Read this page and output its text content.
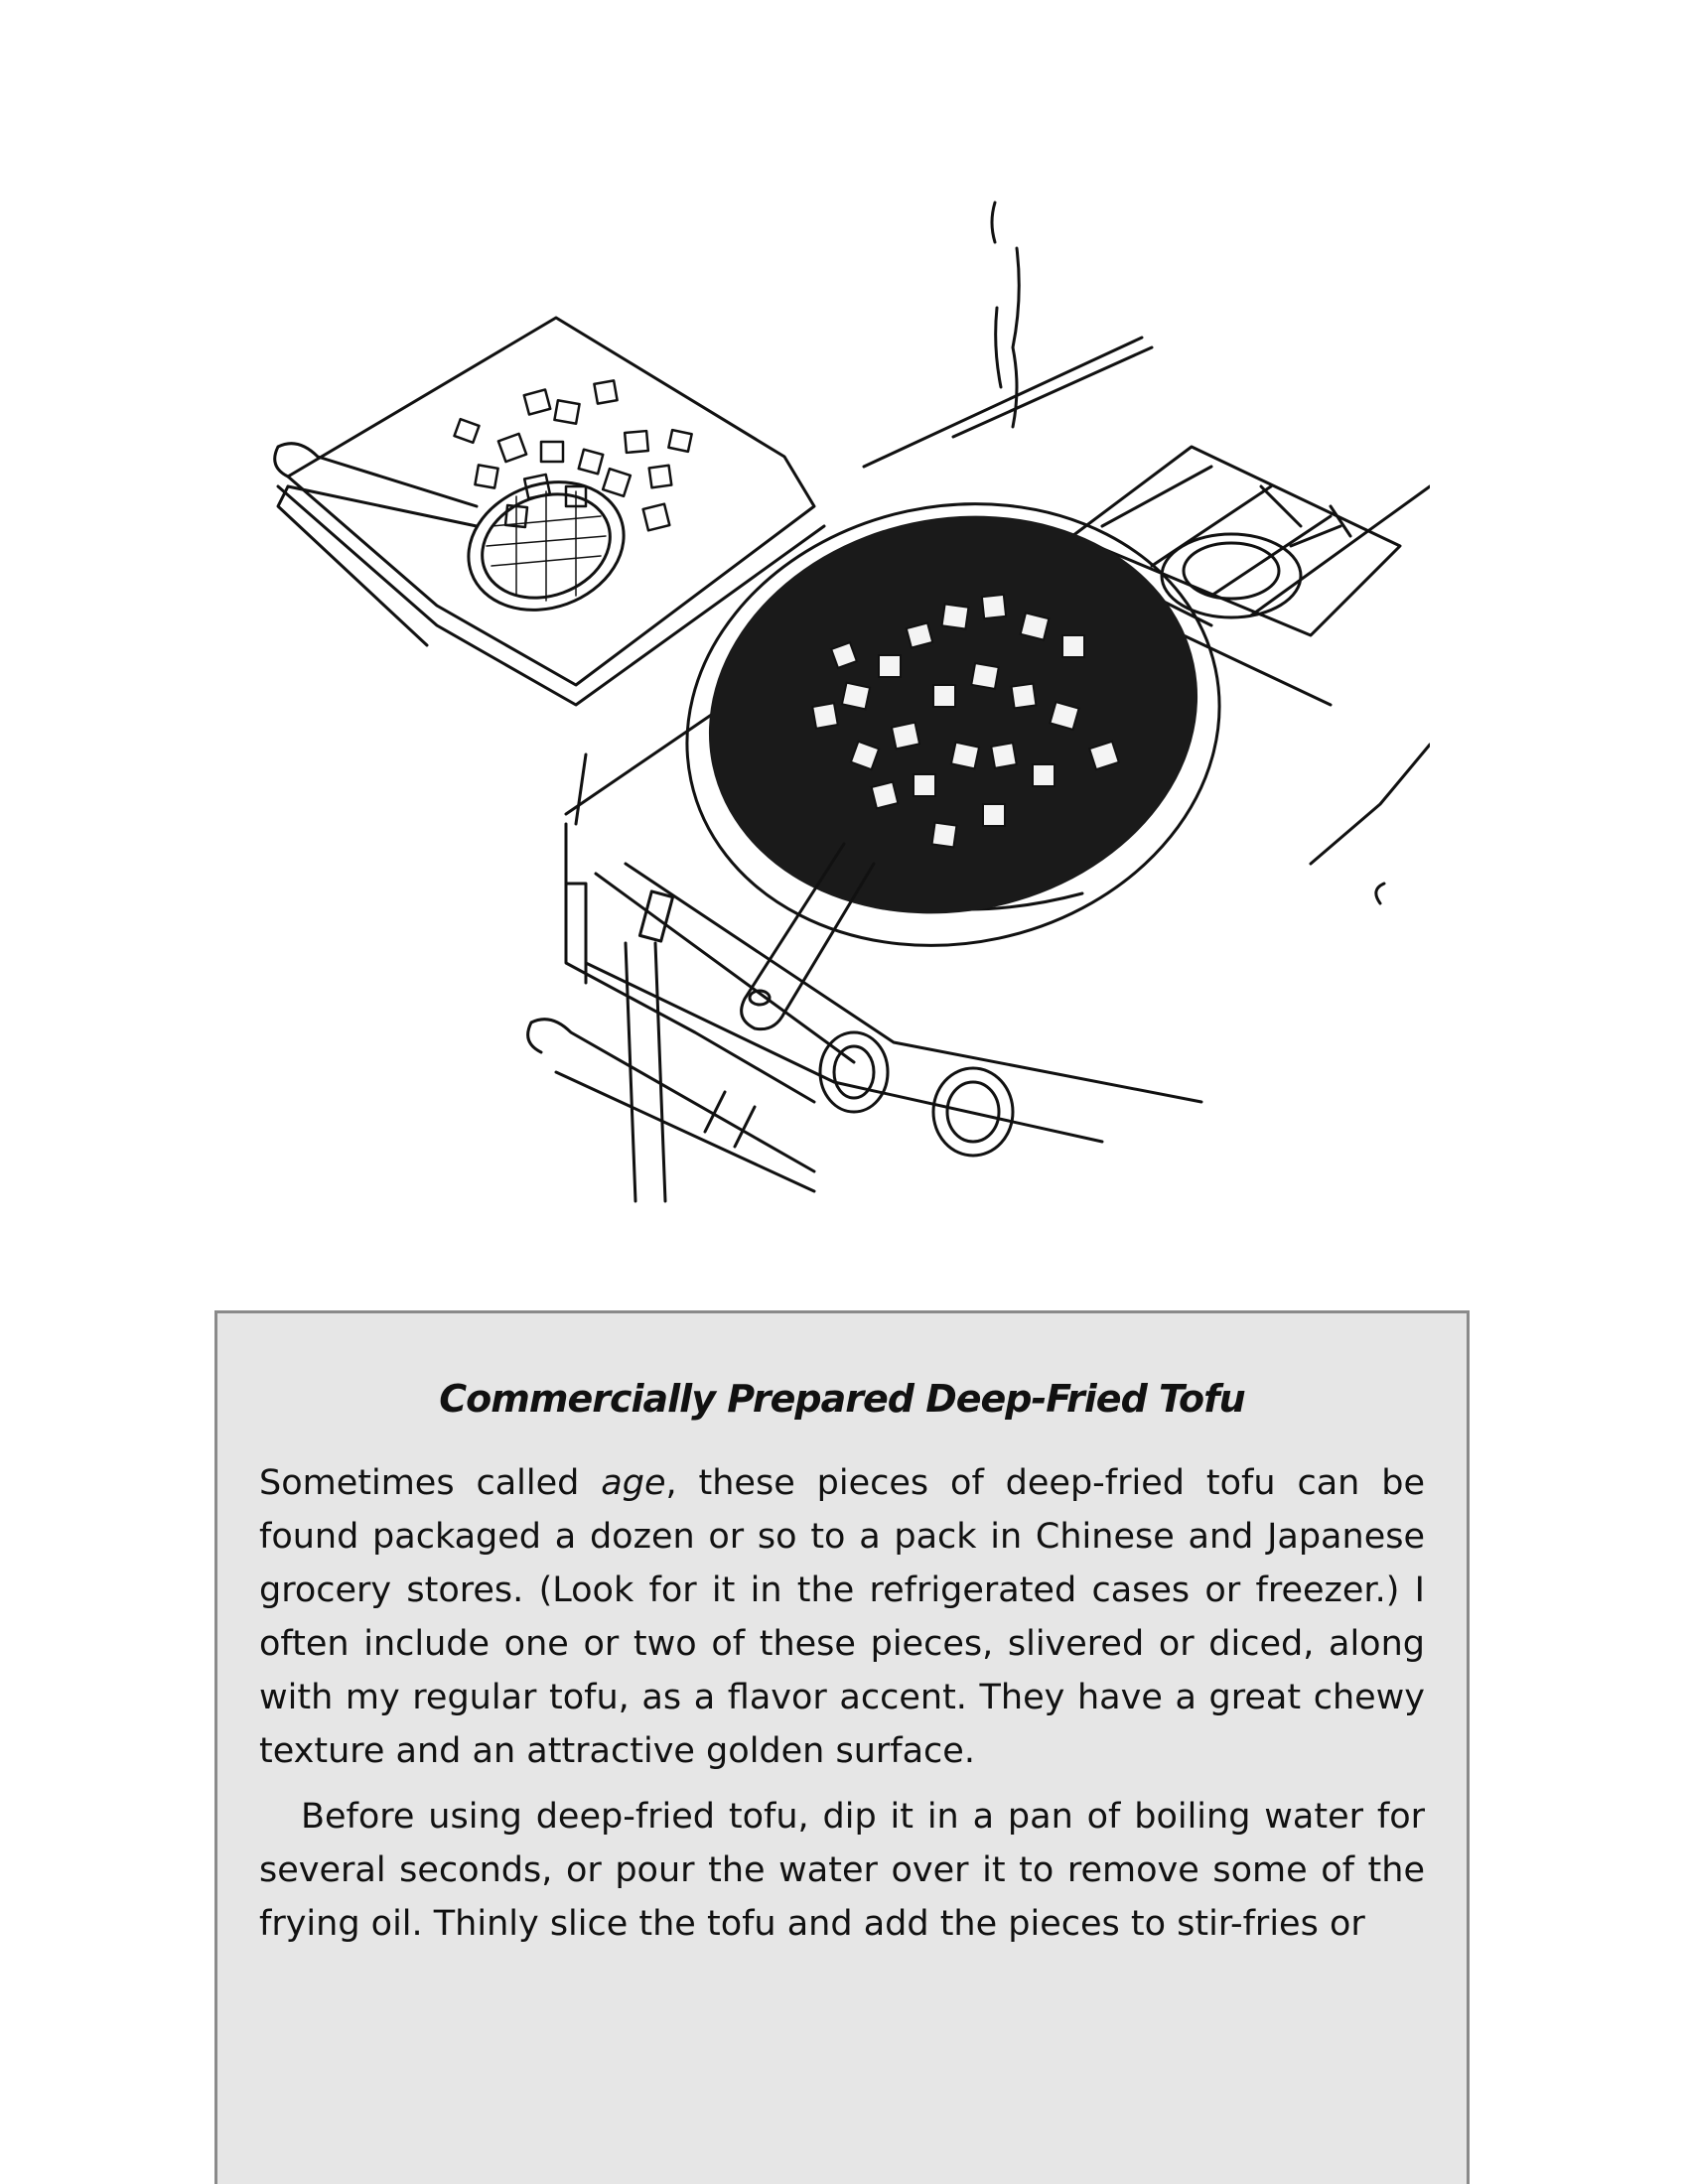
Commercially Prepared Deep-Fried Tofu

Sometimes called age, these pieces of deep-fried tofu can be found packaged a dozen or so to a pack in Chinese and Japanese grocery stores. (Look for it in the refrigerated cases or freezer.) I often include one or two of these pieces, slivered or diced, along with my regular tofu, as a flavor accent. They have a great chewy texture and an attractive golden surface.

Before using deep-fried tofu, dip it in a pan of boiling water for several seconds, or pour the water over it to remove some of the frying oil. Thinly slice the tofu and add the pieces to stir-fries or
